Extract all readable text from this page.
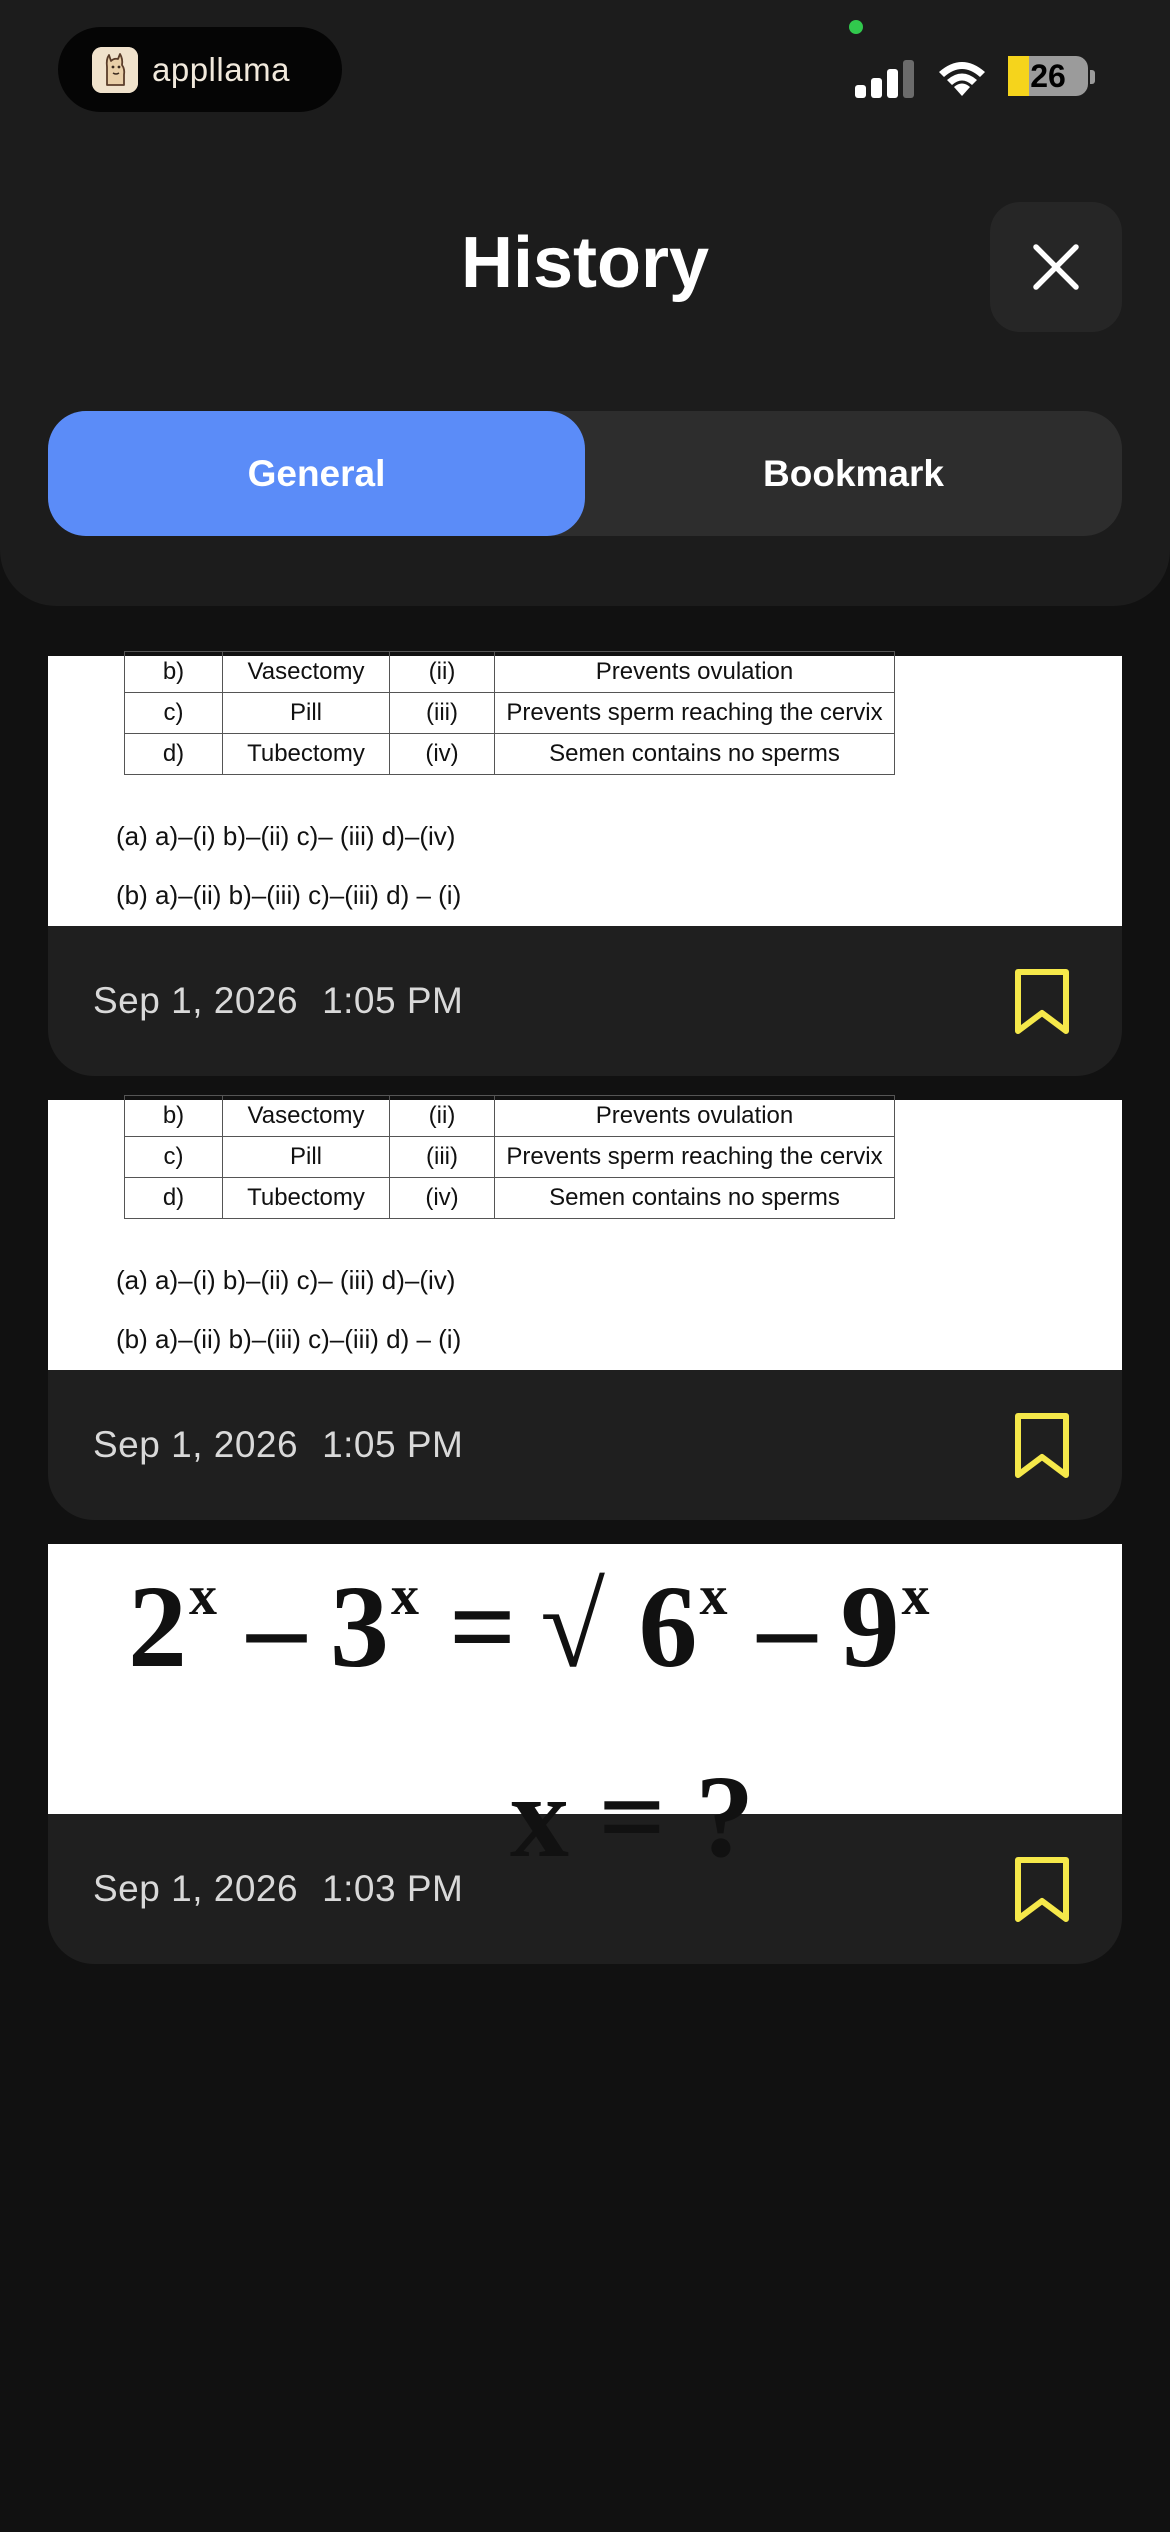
appllama	26
History
General	Bookmark
b)	Vasectomy	(ii)	Prevents ovulation
c)	Pill	(iii)	Prevents sperm reaching the cervix
d)	Tubectomy	(iv)	Semen contains no sperms
(a) a)–(i) b)–(ii) c)– (iii) d)–(iv)
(b) a)–(ii) b)–(iii) c)–(iii) d) – (i)
Sep 1, 2026 1:05 PM
b)	Vasectomy	(ii)	Prevents ovulation
c)	Pill	(iii)	Prevents sperm reaching the cervix
d)	Tubectomy	(iv)	Semen contains no sperms
(a) a)–(i) b)–(ii) c)– (iii) d)–(iv)
(b) a)–(ii) b)–(iii) c)–(iii) d) – (i)
Sep 1, 2026 1:05 PM
$2^x - 3^x$ = √ 6$^x$ – 9$^x$
x = ?
Sep 1, 2026 1:03 PM
